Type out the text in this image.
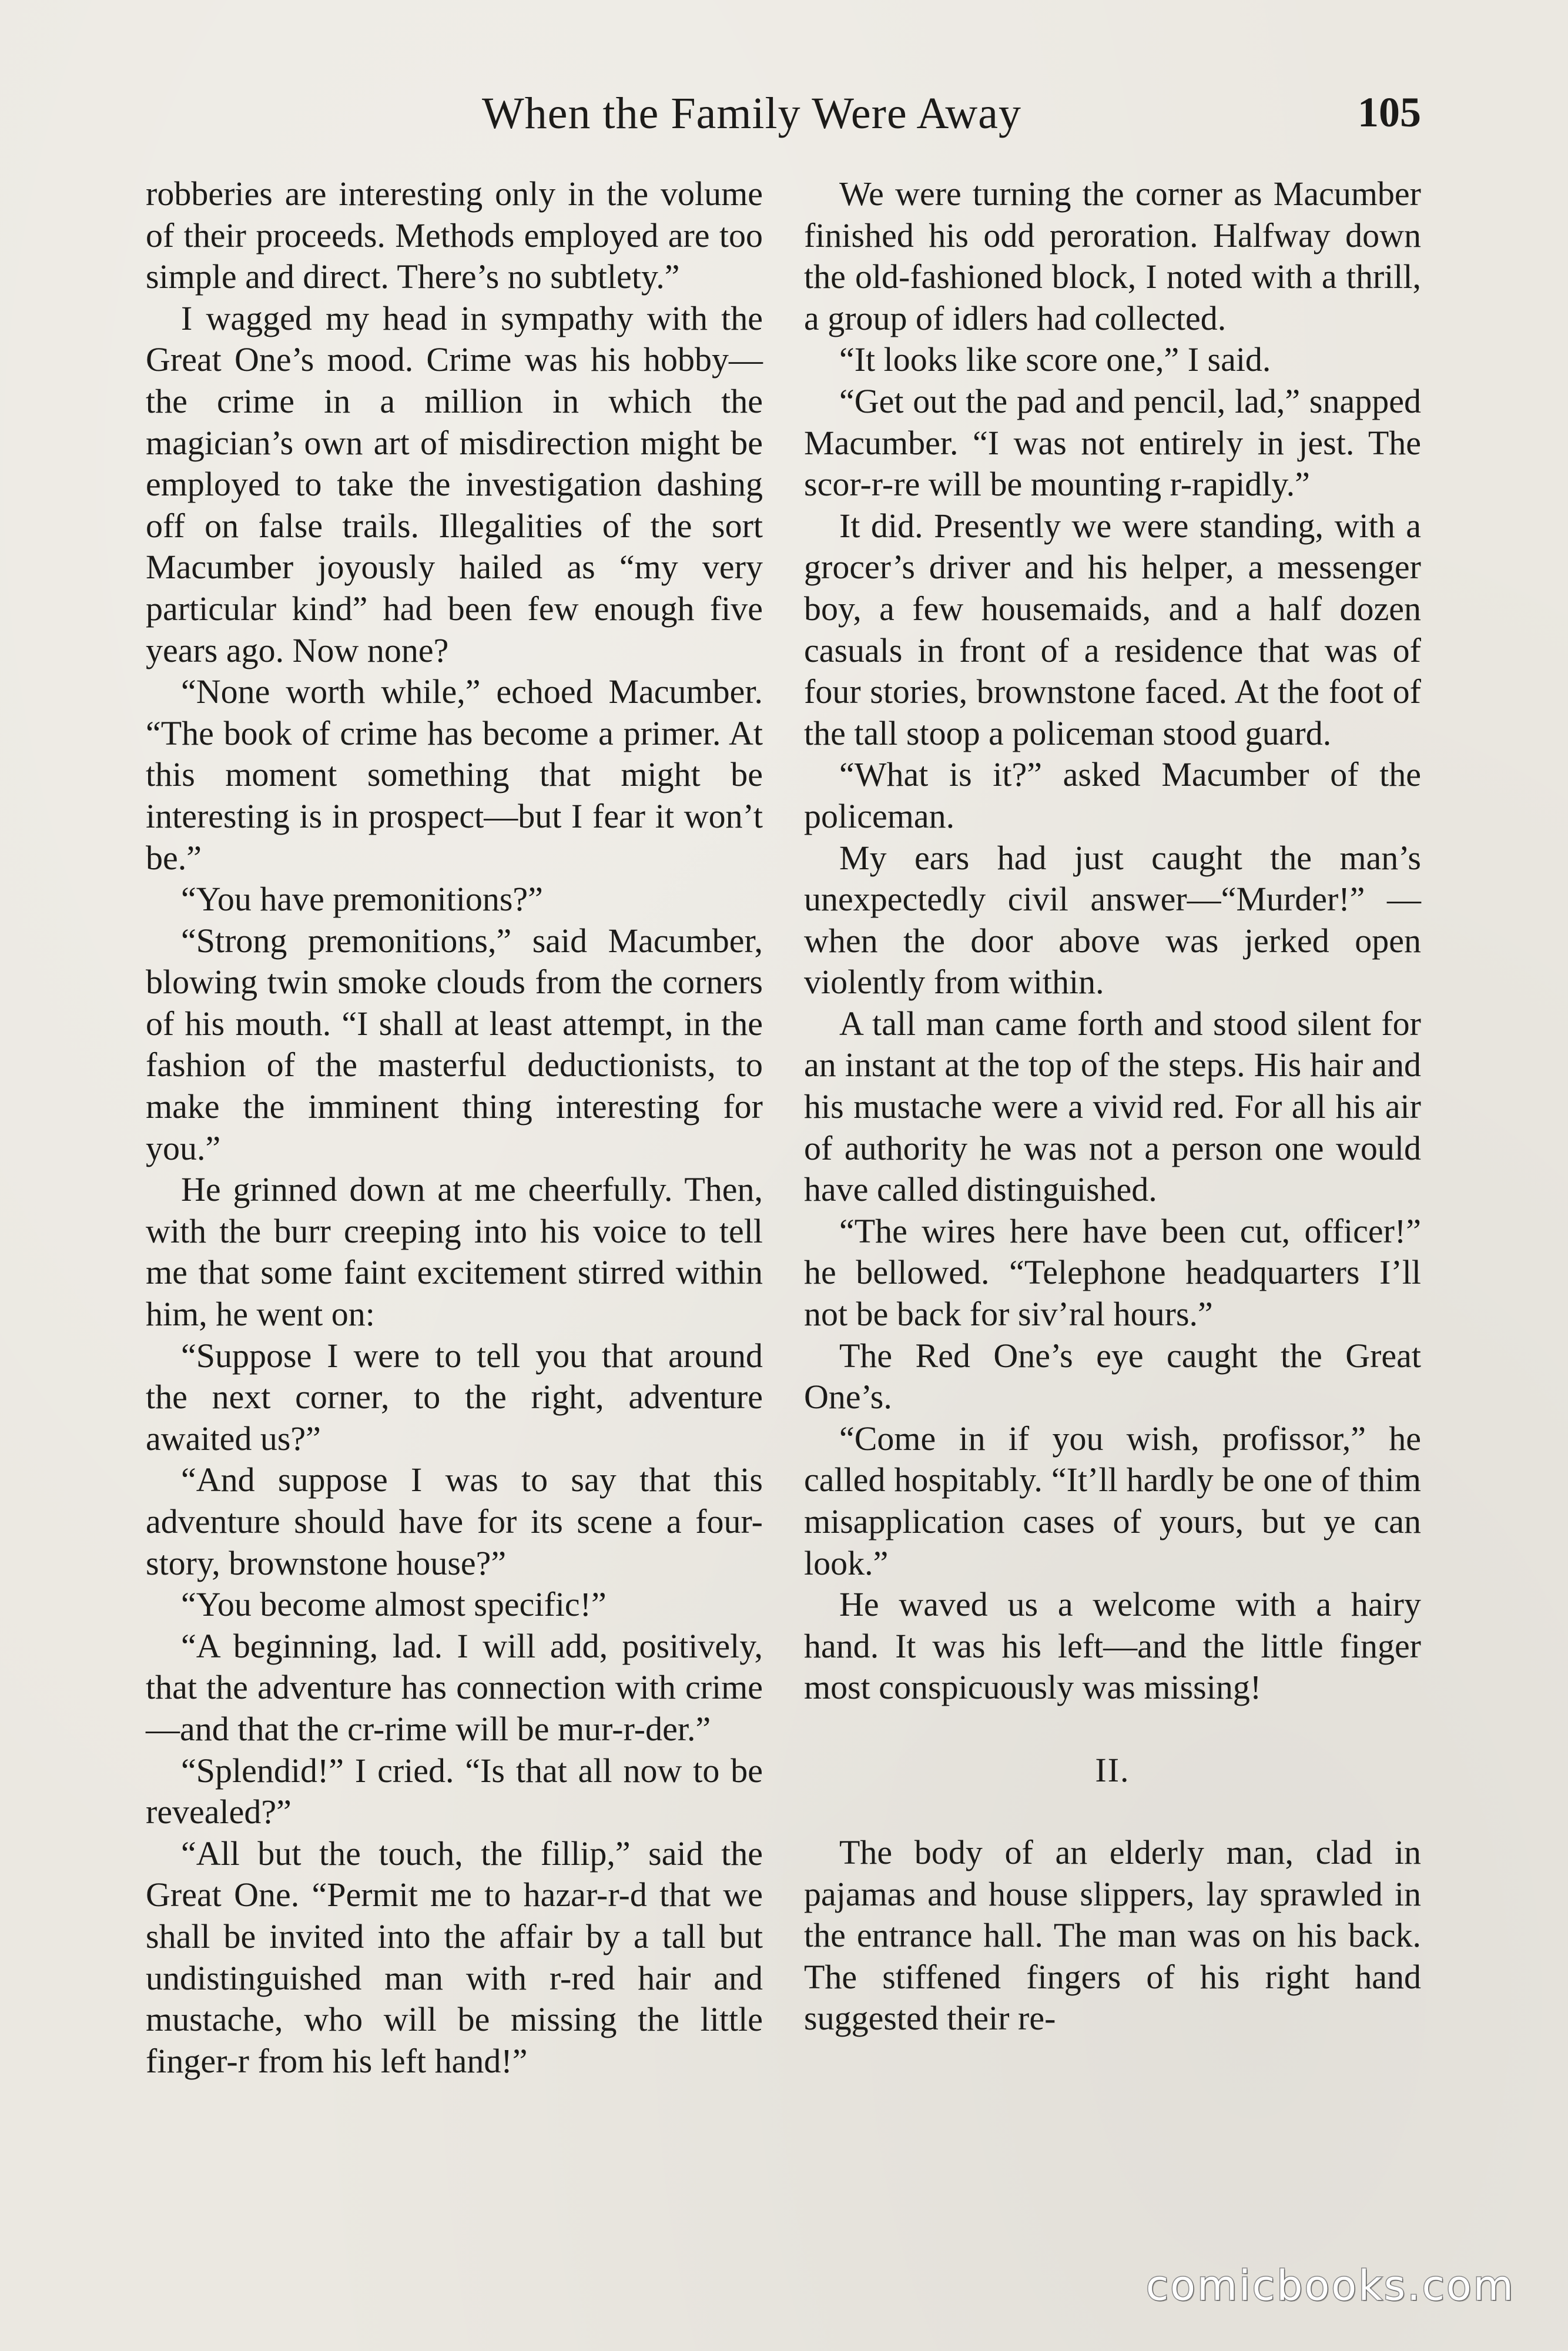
When the Family Were Away	105

robberies are interesting only in the volume of their proceeds. Methods employed are too simple and direct. There’s no subtlety.”

I wagged my head in sympathy with the Great One’s mood. Crime was his hobby—the crime in a million in which the magician’s own art of misdirection might be employed to take the investigation dashing off on false trails. Illegalities of the sort Macumber joyously hailed as “my very particular kind” had been few enough five years ago. Now none?

“None worth while,” echoed Macumber. “The book of crime has become a primer. At this moment something that might be interesting is in prospect—but I fear it won’t be.”

“You have premonitions?”

“Strong premonitions,” said Macumber, blowing twin smoke clouds from the corners of his mouth. “I shall at least attempt, in the fashion of the masterful deductionists, to make the imminent thing interesting for you.”

He grinned down at me cheerfully. Then, with the burr creeping into his voice to tell me that some faint excitement stirred within him, he went on:

“Suppose I were to tell you that around the next corner, to the right, adventure awaited us?”

“And suppose I was to say that this adventure should have for its scene a four-story, brownstone house?”

“You become almost specific!”

“A beginning, lad. I will add, positively, that the adventure has connection with crime—and that the cr-rime will be mur-r-der.”

“Splendid!” I cried. “Is that all now to be revealed?”

“All but the touch, the fillip,” said the Great One. “Permit me to hazar-r-d that we shall be invited into the affair by a tall but undistinguished man with r-red hair and mustache, who will be missing the little finger-r from his left hand!”

We were turning the corner as Macumber finished his odd peroration. Halfway down the old-fashioned block, I noted with a thrill, a group of idlers had collected.

“It looks like score one,” I said.

“Get out the pad and pencil, lad,” snapped Macumber. “I was not entirely in jest. The scor-r-re will be mounting r-rapidly.”

It did. Presently we were standing, with a grocer’s driver and his helper, a messenger boy, a few housemaids, and a half dozen casuals in front of a residence that was of four stories, brownstone faced. At the foot of the tall stoop a policeman stood guard.

“What is it?” asked Macumber of the policeman.

My ears had just caught the man’s unexpectedly civil answer—“Murder!” —when the door above was jerked open violently from within.

A tall man came forth and stood silent for an instant at the top of the steps. His hair and his mustache were a vivid red. For all his air of authority he was not a person one would have called distinguished.

“The wires here have been cut, officer!” he bellowed. “Telephone headquarters I’ll not be back for siv’ral hours.”

The Red One’s eye caught the Great One’s.

“Come in if you wish, profissor,” he called hospitably. “It’ll hardly be one of thim misapplication cases of yours, but ye can look.”

He waved us a welcome with a hairy hand. It was his left—and the little finger most conspicuously was missing!

II.

The body of an elderly man, clad in pajamas and house slippers, lay sprawled in the entrance hall. The man was on his back. The stiffened fingers of his right hand suggested their re-

comicbooks.com
